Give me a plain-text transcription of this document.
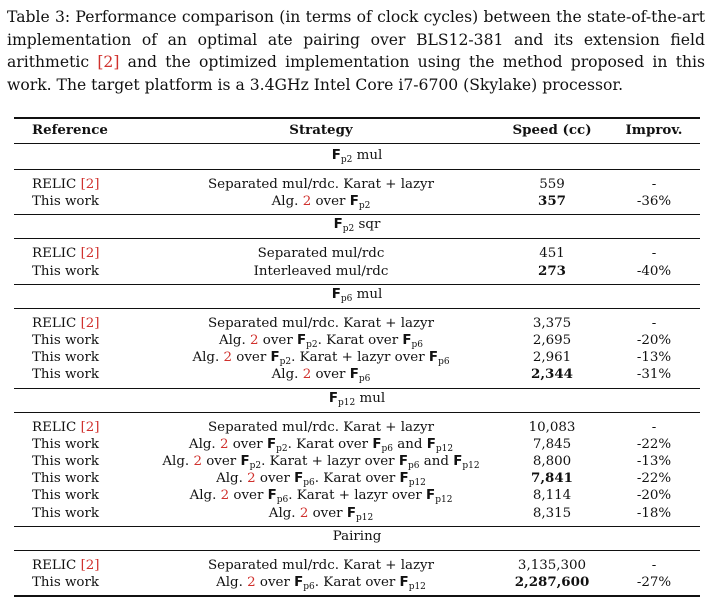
Table 3: Performance comparison (in terms of clock cycles) between the state-of-the-art implementation of an optimal ate pairing over BLS12-381 and its extension field arithmetic [2] and the optimized implementation using the method proposed in this work. The target platform is a 3.4GHz Intel Core i7-6700 (Skylake) processor.
Reference	Strategy	Speed (cc)	Improv.
$F_{p2}$ mul
RELIC [2]	Separated mul/rdc. Karat + lazyr	559	-
This work	Alg. 2 over $F_{p2}$	357	-36%
$F_{p2}$ sqr
RELIC [2]	Separated mul/rdc	451	-
This work	Interleaved mul/rdc	273	-40%
$F_{p6}$ mul
RELIC [2]	Separated mul/rdc. Karat + lazyr	3,375	-
This work	Alg. 2 over $F_{p2}$. Karat over $F_{p6}$	2,695	-20%
This work	Alg. 2 over $F_{p2}$. Karat + lazyr over $F_{p6}$	2,961	-13%
This work	Alg. 2 over $F_{p6}$	2,344	-31%
$F_{p12}$ mul
RELIC [2]	Separated mul/rdc. Karat + lazyr	10,083	-
This work	Alg. 2 over $F_{p2}$. Karat over $F_{p6}$ and $F_{p12}$	7,845	-22%
This work	Alg. 2 over $F_{p2}$. Karat + lazyr over $F_{p6}$ and $F_{p12}$	8,800	-13%
This work	Alg. 2 over $F_{p6}$. Karat over $F_{p12}$	7,841	-22%
This work	Alg. 2 over $F_{p6}$. Karat + lazyr over $F_{p12}$	8,114	-20%
This work	Alg. 2 over $F_{p12}$	8,315	-18%
Pairing
RELIC [2]	Separated mul/rdc. Karat + lazyr	3,135,300	-
This work	Alg. 2 over $F_{p6}$. Karat over $F_{p12}$	2,287,600	-27%
